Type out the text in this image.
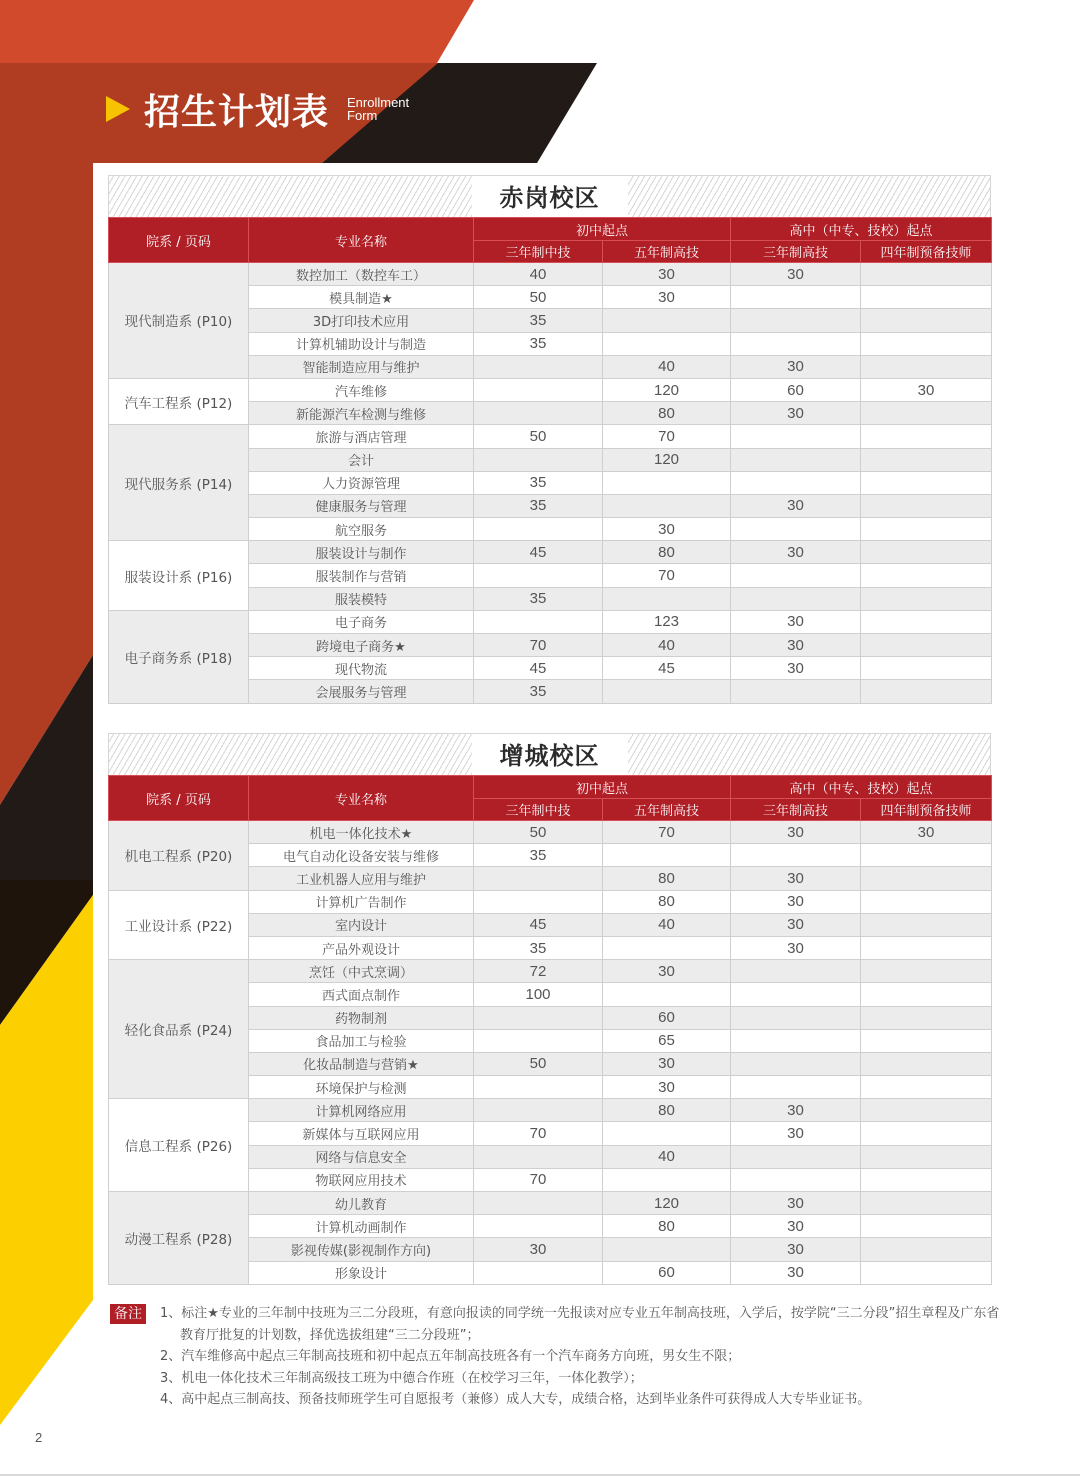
招生计划表 Enrollment
Form
赤岗校区
院系 / 页码	专业名称	初中起点		高中（中专、技校）起点	
		三年制中技	五年制高技	三年制高技	四年制预备技师
现代制造系 (P10)	数控加工（数控车工）	40	30	30	
	模具制造★	50	30		
	3D打印技术应用	35			
	计算机辅助设计与制造	35			
	智能制造应用与维护		40	30	
汽车工程系 (P12)	汽车维修		120	60	30
	新能源汽车检测与维修		80	30	
现代服务系 (P14)	旅游与酒店管理	50	70		
	会计		120		
	人力资源管理	35			
	健康服务与管理	35		30	
	航空服务		30		
服装设计系 (P16)	服装设计与制作	45	80	30	
	服装制作与营销		70		
	服装模特	35			
电子商务系 (P18)	电子商务		123	30	
	跨境电子商务★	70	40	30	
	现代物流	45	45	30	
	会展服务与管理	35			
增城校区
院系 / 页码	专业名称	初中起点		高中（中专、技校）起点	
		三年制中技	五年制高技	三年制高技	四年制预备技师
机电工程系 (P20)	机电一体化技术★	50	70	30	30
	电气自动化设备安装与维修	35			
	工业机器人应用与维护		80	30	
工业设计系 (P22)	计算机广告制作		80	30	
	室内设计	45	40	30	
	产品外观设计	35		30	
轻化食品系 (P24)	烹饪（中式烹调）	72	30		
	西式面点制作	100			
	药物制剂		60		
	食品加工与检验		65		
	化妆品制造与营销★	50	30		
	环境保护与检测		30		
信息工程系 (P26)	计算机网络应用		80	30	
	新媒体与互联网应用	70		30	
	网络与信息安全		40		
	物联网应用技术	70			
动漫工程系 (P28)	幼儿教育		120	30	
	计算机动画制作		80	30	
	影视传媒(影视制作方向)	30		30	
	形象设计		60	30	
备注	1、标注★专业的三年制中技班为三二分段班，有意向报读的同学统一先报读对应专业五年制高技班，入学后，按学院“三二分段”招生章程及广东省教育厅批复的计划数，择优选拔组建“三二分段班”；
2、汽车维修高中起点三年制高技班和初中起点五年制高技班各有一个汽车商务方向班，男女生不限；
3、机电一体化技术三年制高级技工班为中德合作班（在校学习三年，一体化教学）；
4、高中起点三制高技、预备技师班学生可自愿报考（兼修）成人大专，成绩合格，达到毕业条件可获得成人大专毕业证书。
2
